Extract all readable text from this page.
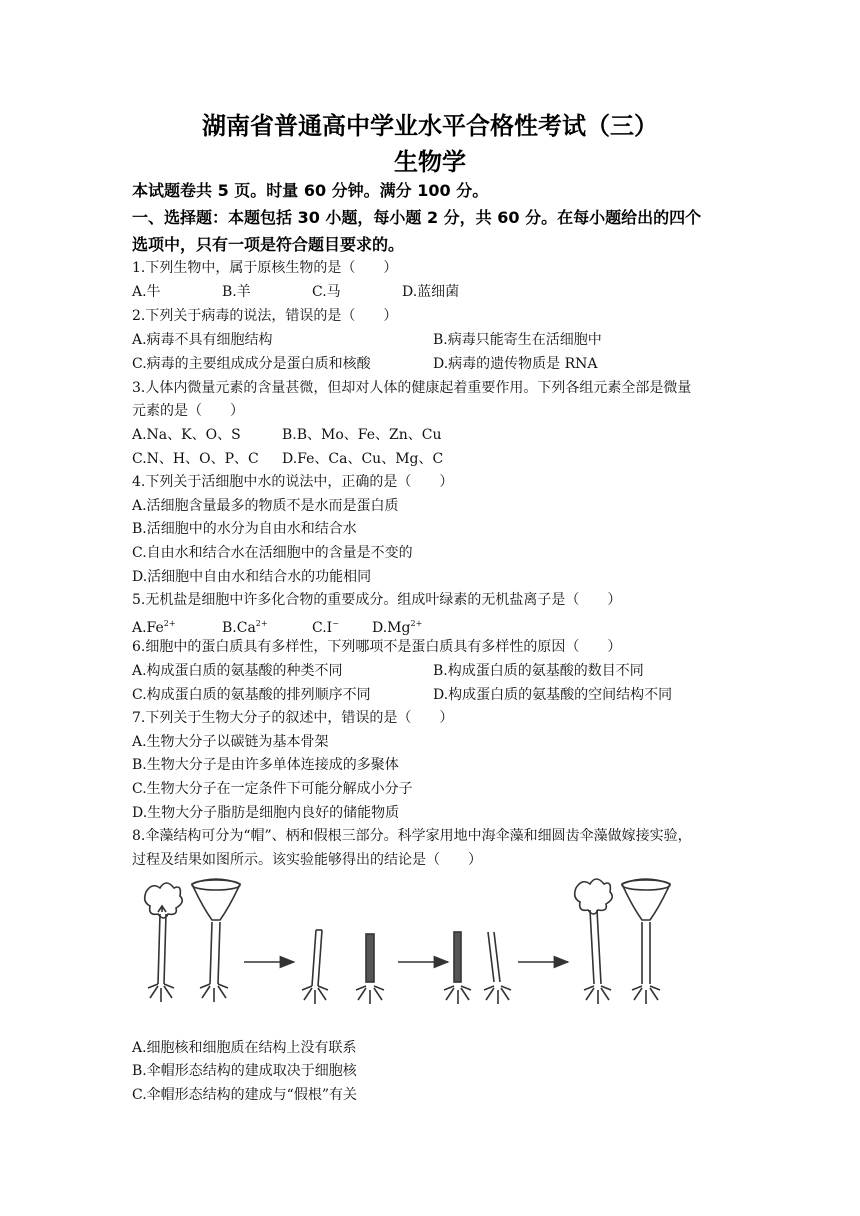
湖南省普通高中学业水平合格性考试（三）
生物学
本试题卷共 5 页。时量 60 分钟。满分 100 分。
一、选择题：本题包括 30 小题，每小题 2 分，共 60 分。在每小题给出的四个
选项中，只有一项是符合题目要求的。
1.下列生物中，属于原核生物的是（　　）
A.牛	B.羊	C.马	D.蓝细菌
2.下列关于病毒的说法，错误的是（　　）
A.病毒不具有细胞结构	B.病毒只能寄生在活细胞中
C.病毒的主要组成成分是蛋白质和核酸	D.病毒的遗传物质是 RNA
3.人体内微量元素的含量甚微，但却对人体的健康起着重要作用。下列各组元素全部是微量
元素的是（　　）
A.Na、K、O、S	B.B、Mo、Fe、Zn、Cu
C.N、H、O、P、C D.Fe、Ca、Cu、Mg、C
4.下列关于活细胞中水的说法中，正确的是（　　）
A.活细胞含量最多的物质不是水而是蛋白质
B.活细胞中的水分为自由水和结合水
C.自由水和结合水在活细胞中的含量是不变的
D.活细胞中自由水和结合水的功能相同
5.无机盐是细胞中许多化合物的重要成分。组成叶绿素的无机盐离子是（　　）
$A.Fe^{2+}$	$B.Ca^{2+}$	C.I− $D.Mg^{2+}$
6.细胞中的蛋白质具有多样性，下列哪项不是蛋白质具有多样性的原因（　　）
A.构成蛋白质的氨基酸的种类不同	B.构成蛋白质的氨基酸的数目不同
C.构成蛋白质的氨基酸的排列顺序不同	D.构成蛋白质的氨基酸的空间结构不同
7.下列关于生物大分子的叙述中，错误的是（　　）
A.生物大分子以碳链为基本骨架
B.生物大分子是由许多单体连接成的多聚体
C.生物大分子在一定条件下可能分解成小分子
D.生物大分子脂肪是细胞内良好的储能物质
8.伞藻结构可分为“帽”、柄和假根三部分。科学家用地中海伞藻和细圆齿伞藻做嫁接实验，
过程及结果如图所示。该实验能够得出的结论是（　　）
A.细胞核和细胞质在结构上没有联系
B.伞帽形态结构的建成取决于细胞核
C.伞帽形态结构的建成与“假根”有关
